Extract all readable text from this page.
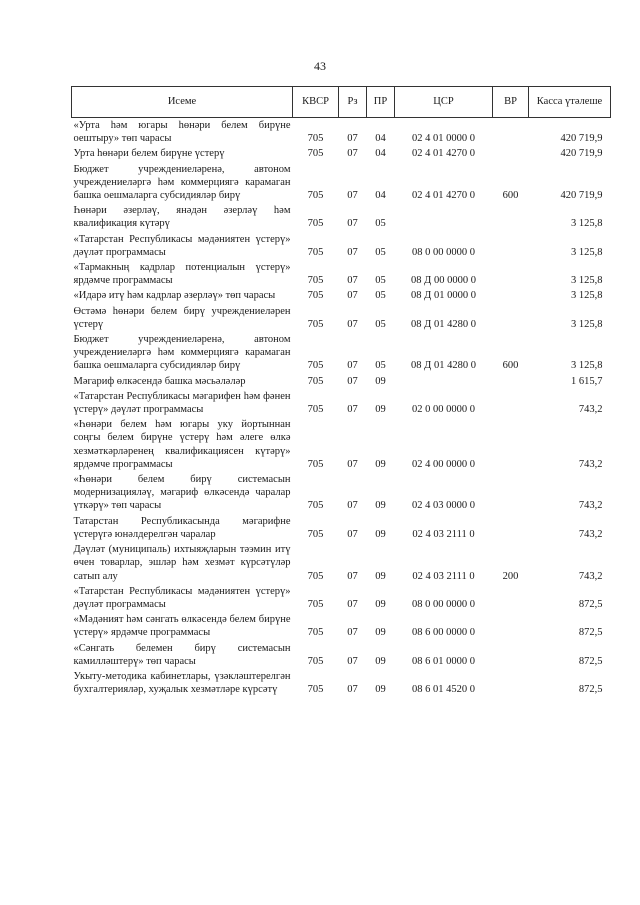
43
Исеме	КВСР	Рз	ПР	ЦСР	ВР	Касса үтәлеше
«Урта һәм югары һөнәри белем бирүне оештыру» төп чарасы	705	07	04	02 4 01 0000 0		420 719,9
Урта һөнәри белем бирүне үстерү	705	07	04	02 4 01 4270 0		420 719,9
Бюджет учреждениеләренә, автоном учреждениеләргә һәм коммерциягә карамаган башка оешмаларга субсидияләр бирү	705	07	04	02 4 01 4270 0	600	420 719,9
Һөнәри әзерләү, янәдән әзерләү һәм квалификация күтәрү	705	07	05			3 125,8
«Татарстан Республикасы мәдәниятен үстерү» дәүләт программасы	705	07	05	08 0 00 0000 0		3 125,8
«Тармакның кадрлар потенциалын үстерү» ярдәмче программасы	705	07	05	08 Д 00 0000 0		3 125,8
«Идарә итү һәм кадрлар әзерләү» төп чарасы	705	07	05	08 Д 01 0000 0		3 125,8
Өстәмә һөнәри белем бирү учреждениеләрен үстерү	705	07	05	08 Д 01 4280 0		3 125,8
Бюджет учреждениеләренә, автоном учреждениеләргә һәм коммерциягә карамаган башка оешмаларга субсидияләр бирү	705	07	05	08 Д 01 4280 0	600	3 125,8
Мәгариф өлкәсендә башка мәсьәләләр	705	07	09			1 615,7
«Татарстан Республикасы мәгарифен һәм фәнен үстерү» дәүләт программасы	705	07	09	02 0 00 0000 0		743,2
«Һөнәри белем һәм югары уку йортыннан соңгы белем бирүне үстерү һәм әлеге өлкә хезмәткәрләренең квалификациясен күтәрү» ярдәмче программасы	705	07	09	02 4 00 0000 0		743,2
«Һөнәри белем бирү системасын модернизацияләү, мәгариф өлкәсендә чаралар үткәрү» төп чарасы	705	07	09	02 4 03 0000 0		743,2
Татарстан Республикасында мәгарифне үстерүгә юнәлдерелгән чаралар	705	07	09	02 4 03 2111 0		743,2
Дәүләт (муниципаль) ихтыяҗларын тәэмин итү өчен товарлар, эшләр һәм хезмәт күрсәтүләр сатып алу	705	07	09	02 4 03 2111 0	200	743,2
«Татарстан Республикасы мәдәниятен үстерү» дәүләт программасы	705	07	09	08 0 00 0000 0		872,5
«Мәдәният һәм сәнгать өлкәсендә белем бирүне үстерү» ярдәмче программасы	705	07	09	08 6 00 0000 0		872,5
«Сәнгать белемен бирү системасын камилләштерү» төп чарасы	705	07	09	08 6 01 0000 0		872,5
Укыту-методика кабинетлары, үзәкләштерелгән бухгалтерияләр, хуҗалык хезмәтләре күрсәтү	705	07	09	08 6 01 4520 0		872,5
